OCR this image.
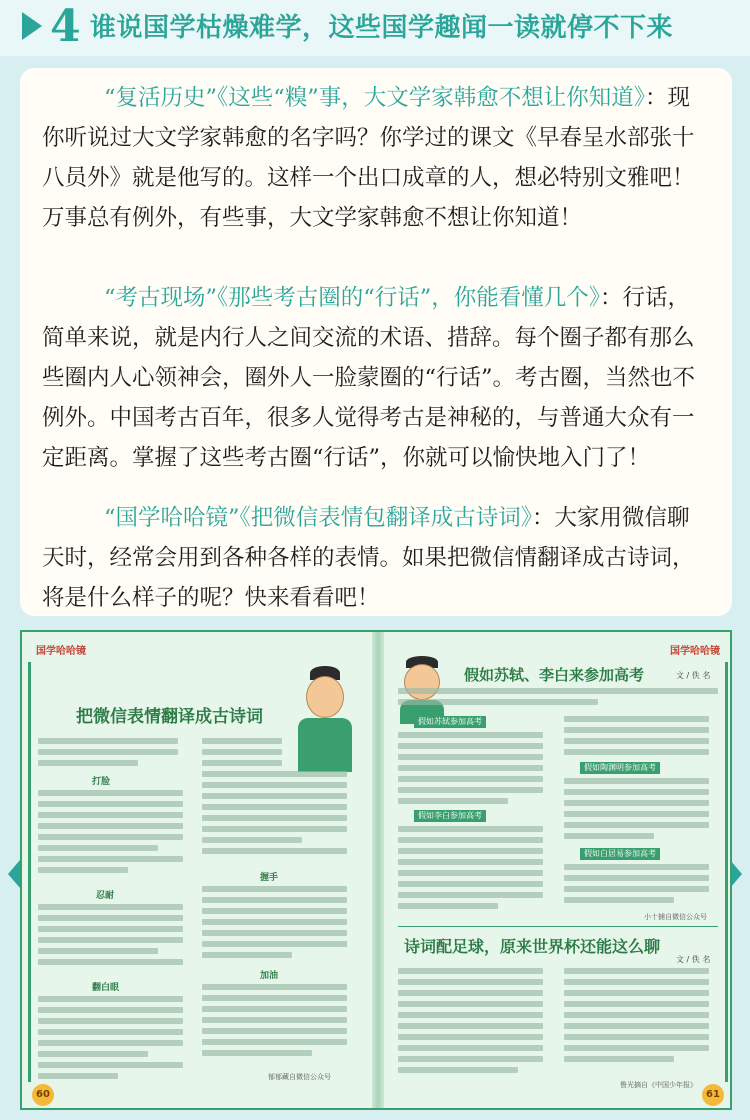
4 谁说国学枯燥难学，这些国学趣闻一读就停不下来
“复活历史”《这些“糗”事，大文学家韩愈不想让你知道》：现你听说过大文学家韩愈的名字吗？你学过的课文《早春呈水部张十八员外》就是他写的。这样一个出口成章的人，想必特别文雅吧！万事总有例外，有些事，大文学家韩愈不想让你知道！
“考古现场”《那些考古圈的“行话”，你能看懂几个》：行话，简单来说，就是内行人之间交流的术语、措辞。每个圈子都有那么些圈内人心领神会，圈外人一脸蒙圈的“行话”。考古圈，当然也不例外。中国考古百年，很多人觉得考古是神秘的，与普通大众有一定距离。掌握了这些考古圈“行话”，你就可以愉快地入门了！
“国学哈哈镜”《把微信表情包翻译成古诗词》：大家用微信聊天时，经常会用到各种各样的表情。如果把微信情翻译成古诗词，将是什么样子的呢？快来看看吧！
国学哈哈镜
把微信表情翻译成古诗词
打脸
忍耐
翻白眼
握手
加油
郁郁藏自微信公众号
60
国学哈哈镜
假如苏轼、李白来参加高考	文 / 佚 名
假如苏轼参加高考
假如李白参加高考
假如陶渊明参加高考
假如白居易参加高考
小十捕自微信公众号
诗词配足球，原来世界杯还能这么聊
文 / 佚 名
鲁光摘自《中国少年报》
61
